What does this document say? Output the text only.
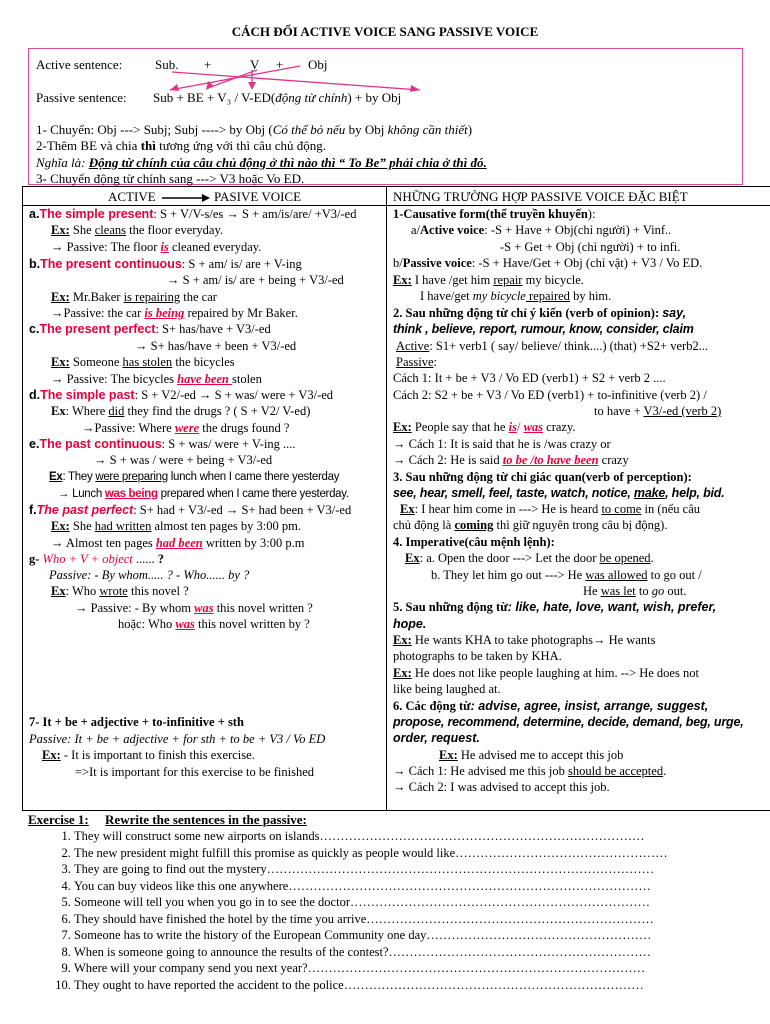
CÁCH ĐỔI ACTIVE VOICE SANG PASSIVE VOICE
Active sentence:	Sub. +	V + Obj
Passive sentence: Sub + BE + V₃ / V-ED(động từ chính) + by Obj
1- Chuyển: Obj ---> Subj; Subj ----> by Obj (Có thể bỏ nếu by Obj không cần thiết)
2-Thêm BE và chia thì tương ứng với thì câu chủ động.
Nghĩa là: Động từ chính của câu chủ động ở thì nào thì “ To Be” phải chia ở thì đó.
3- Chuyển động từ chính sang ---> V3 hoặc Vo ED.
ACTIVE	PASIVE VOICE	NHỮNG TRƯỜNG HỢP PASSIVE VOICE ĐẶC BIỆT
a.The simple present: S + V/V-s/es → S + am/is/are/ +V3/-ed
Ex: She cleans the floor everyday.
→ Passive: The floor is cleaned everyday.
b.The present continuous: S + am/ is/ are + V-ing
→ S + am/ is/ are + being + V3/-ed
Ex: Mr.Baker is repairing the car
→Passive: the car is being repaired by Mr Baker.
c.The present perfect: S+ has/have + V3/-ed
→ S+ has/have + been + V3/-ed
Ex: Someone has stolen the bicycles
→ Passive: The bicycles have been stolen
d.The simple past: S + V2/-ed → S + was/ were + V3/-ed
Ex: Where did they find the drugs ? ( S + V2/ V-ed)
→Passive: Where were the drugs found ?
e.The past continuous: S + was/ were + V-ing ....
→ S + was / were + being + V3/-ed
Ex: They were preparing lunch when I came there yesterday
→ Lunch was being prepared when I came there yesterday.
f.The past perfect: S+ had + V3/-ed → S+ had been + V3/-ed
Ex: She had written almost ten pages by 3:00 pm.
→ Almost ten pages had been written by 3:00 p.m
g- Who + V + object ...... ?
Passive: - By whom..... ? - Who...... by ?
Ex: Who wrote this novel ?
→ Passive: - By whom was this novel written ?
hoặc: Who was this novel written by ?
7- It + be + adjective + to-infinitive + sth
Passive: It + be + adjective + for sth + to be + V3 / Vo ED
Ex: - It is important to finish this exercise.
=>It is important for this exercise to be finished
1-Causative form(thể truyền khuyến):
a/Active voice: -S + Have + Obj(chỉ người) + Vinf..
-S + Get + Obj (chỉ người) + to infi.
b/Passive voice: -S + Have/Get + Obj (chỉ vật) + V3 / Vo ED.
Ex: I have /get him repair my bicycle.
I have/get my bicycle repaired by him.
2. Sau những động từ chỉ ý kiến (verb of opinion): say,
think , believe, report, rumour, know, consider, claim
Active: S1+ verb1 ( say/ believe/ think....) (that) +S2+ verb2...
Passive:
Cách 1: It + be + V3 / Vo ED (verb1) + S2 + verb 2 ....
Cách 2: S2 + be + V3 / Vo ED (verb1) + to-infinitive (verb 2) /
to have + V3/-ed (verb 2)
Ex: People say that he is/ was crazy.
→ Cách 1: It is said that he is /was crazy or
→ Cách 2: He is said to be /to have been crazy
3. Sau những động từ chỉ giác quan(verb of perception):
see, hear, smell, feel, taste, watch, notice, make, help, bid.
Ex: I hear him come in ---> He is heard to come in (nếu câu
chủ động là coming thì giữ nguyên trong câu bị động).
4. Imperative(câu mệnh lệnh):
Ex: a. Open the door ---> Let the door be opened.
b. They let him go out ---> He was allowed to go out /
He was let to go out.
5. Sau những động từ: like, hate, love, want, wish, prefer,
hope.
Ex: He wants KHA to take photographs→ He wants
photographs to be taken by KHA.
Ex: He does not like people laughing at him. --> He does not
like being laughed at.
6. Các động từ: advise, agree, insist, arrange, suggest,
propose, recommend, determine, decide, demand, beg, urge,
order, request.
Ex: He advised me to accept this job
→ Cách 1: He advised me this job should be accepted.
→ Cách 2: I was advised to accept this job.
Exercise 1: Rewrite the sentences in the passive:
1. They will construct some new airports on islands……………………………………………………………………
2. The new president might fulfill this promise as quickly as people would like……………………………………………
3. They are going to find out the mystery…………………………………………………………………………………
4. You can buy videos like this one anywhere……………………………………………………………………………
5. Someone will tell you when you go in to see the doctor………………………………………………………………
6. They should have finished the hotel by the time you arrive……………………………………………………………
7. Someone has to write the history of the European Community one day………………………………………………
8. When is someone going to announce the results of the contest?………………………………………………………
9. Where will your company send you next year?………………………………………………………………………
10. They ought to have reported the accident to the police………………………………………………………………
